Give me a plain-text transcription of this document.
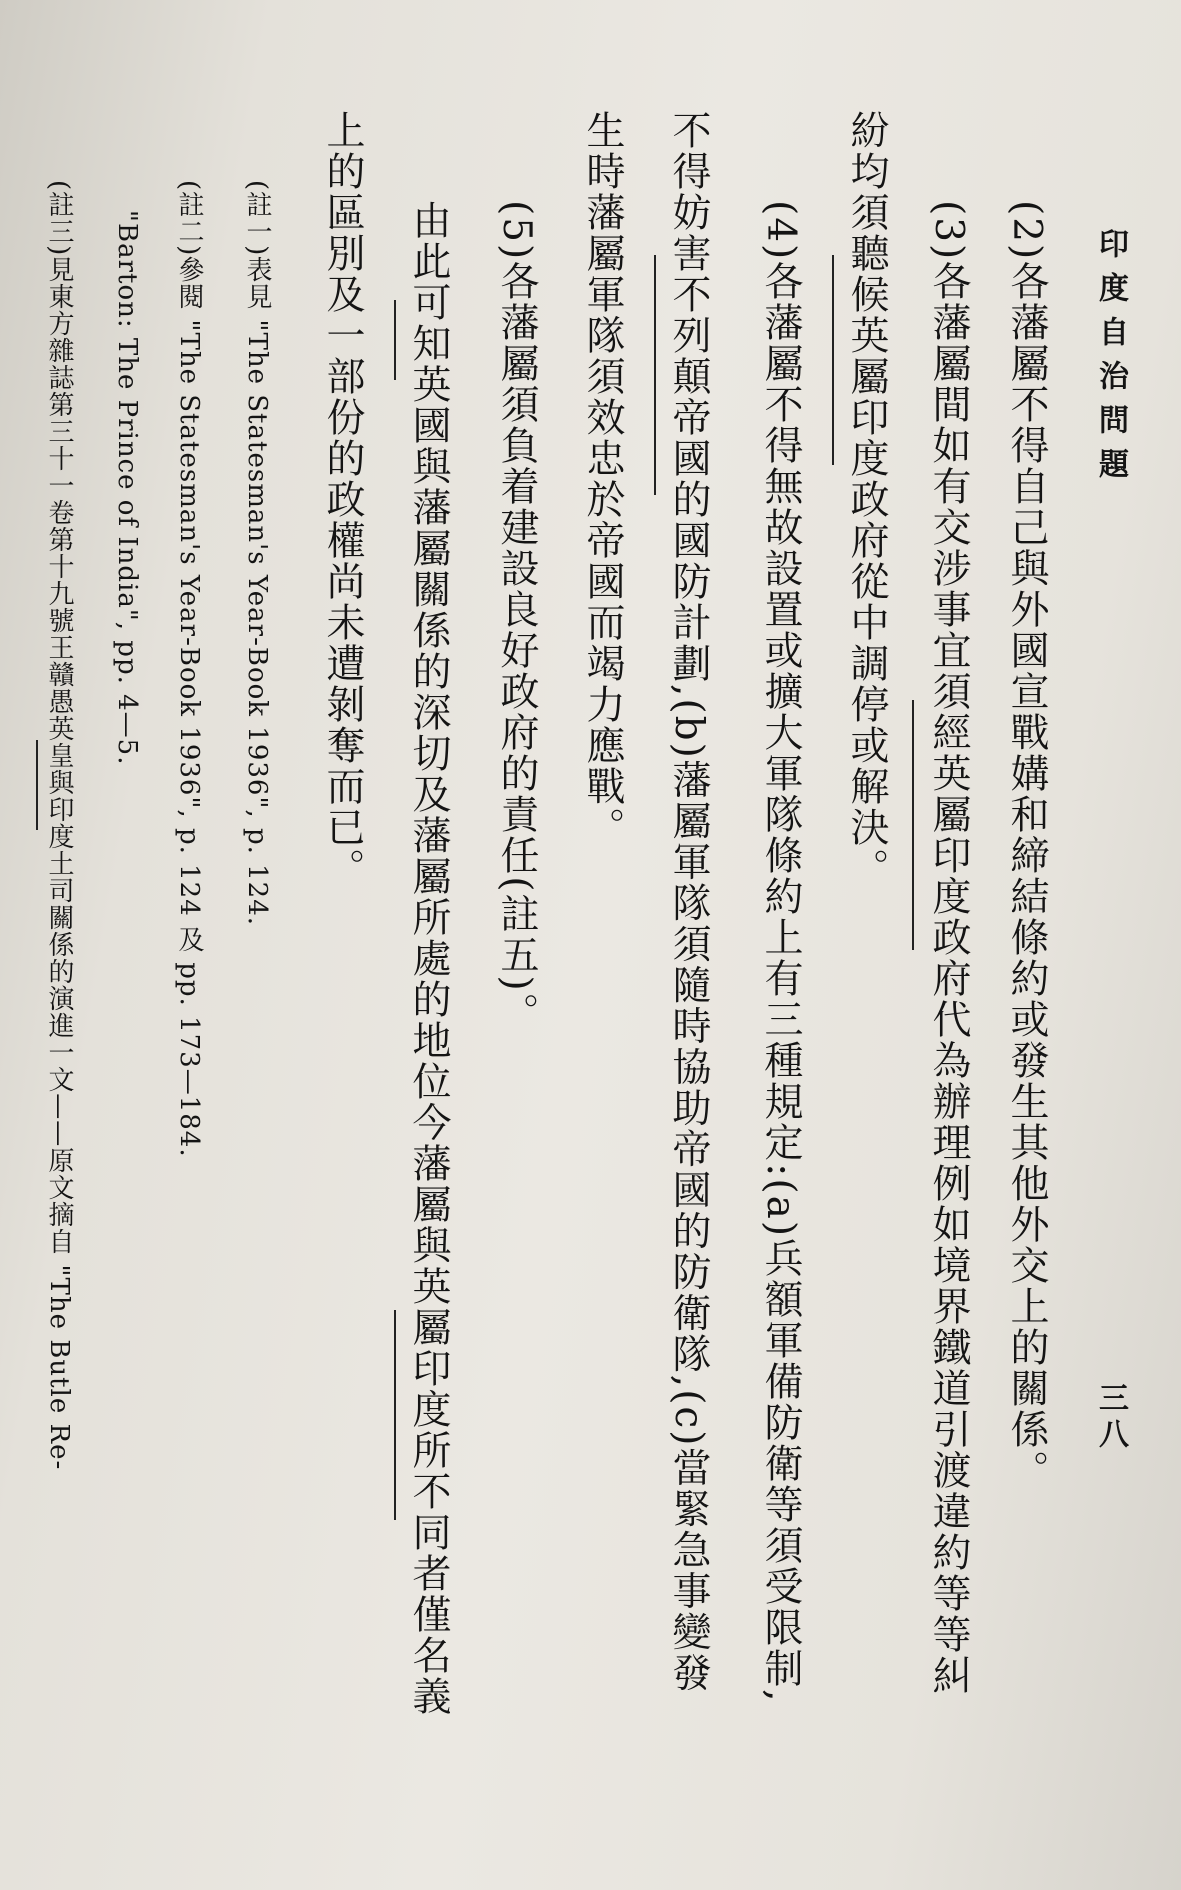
印度自治問題
三八
(2)各藩屬不得自己與外國宣戰媾和締結條約或發生其他外交上的關係。
(3)各藩屬間如有交涉事宜須經英屬印度政府代為辦理例如境界鐵道引渡違約等等糾
紛均須聽候英屬印度政府從中調停或解決。
(4)各藩屬不得無故設置或擴大軍隊條約上有三種規定:(a)兵額軍備防衛等須受限制,
不得妨害不列顛帝國的國防計劃,(b)藩屬軍隊須隨時協助帝國的防衛隊,(c)當緊急事變發
生時藩屬軍隊須效忠於帝國而竭力應戰。
(5)各藩屬須負着建設良好政府的責任(註五)。
由此可知英國與藩屬關係的深切及藩屬所處的地位今藩屬與英屬印度所不同者僅名義
上的區別及一部份的政權尚未遭剝奪而已。
(註一)表見 "The Statesman's Year-Book 1936", p. 124.
(註二)參閱 "The Statesman's Year-Book 1936", p. 124 及 pp. 173—184.
"Barton: The Prince of India", pp. 4—5.
(註三)見東方雜誌第三十一卷第十九號王贛愚英皇與印度土司關係的演進一文——原文摘自 "The Butle Re-
